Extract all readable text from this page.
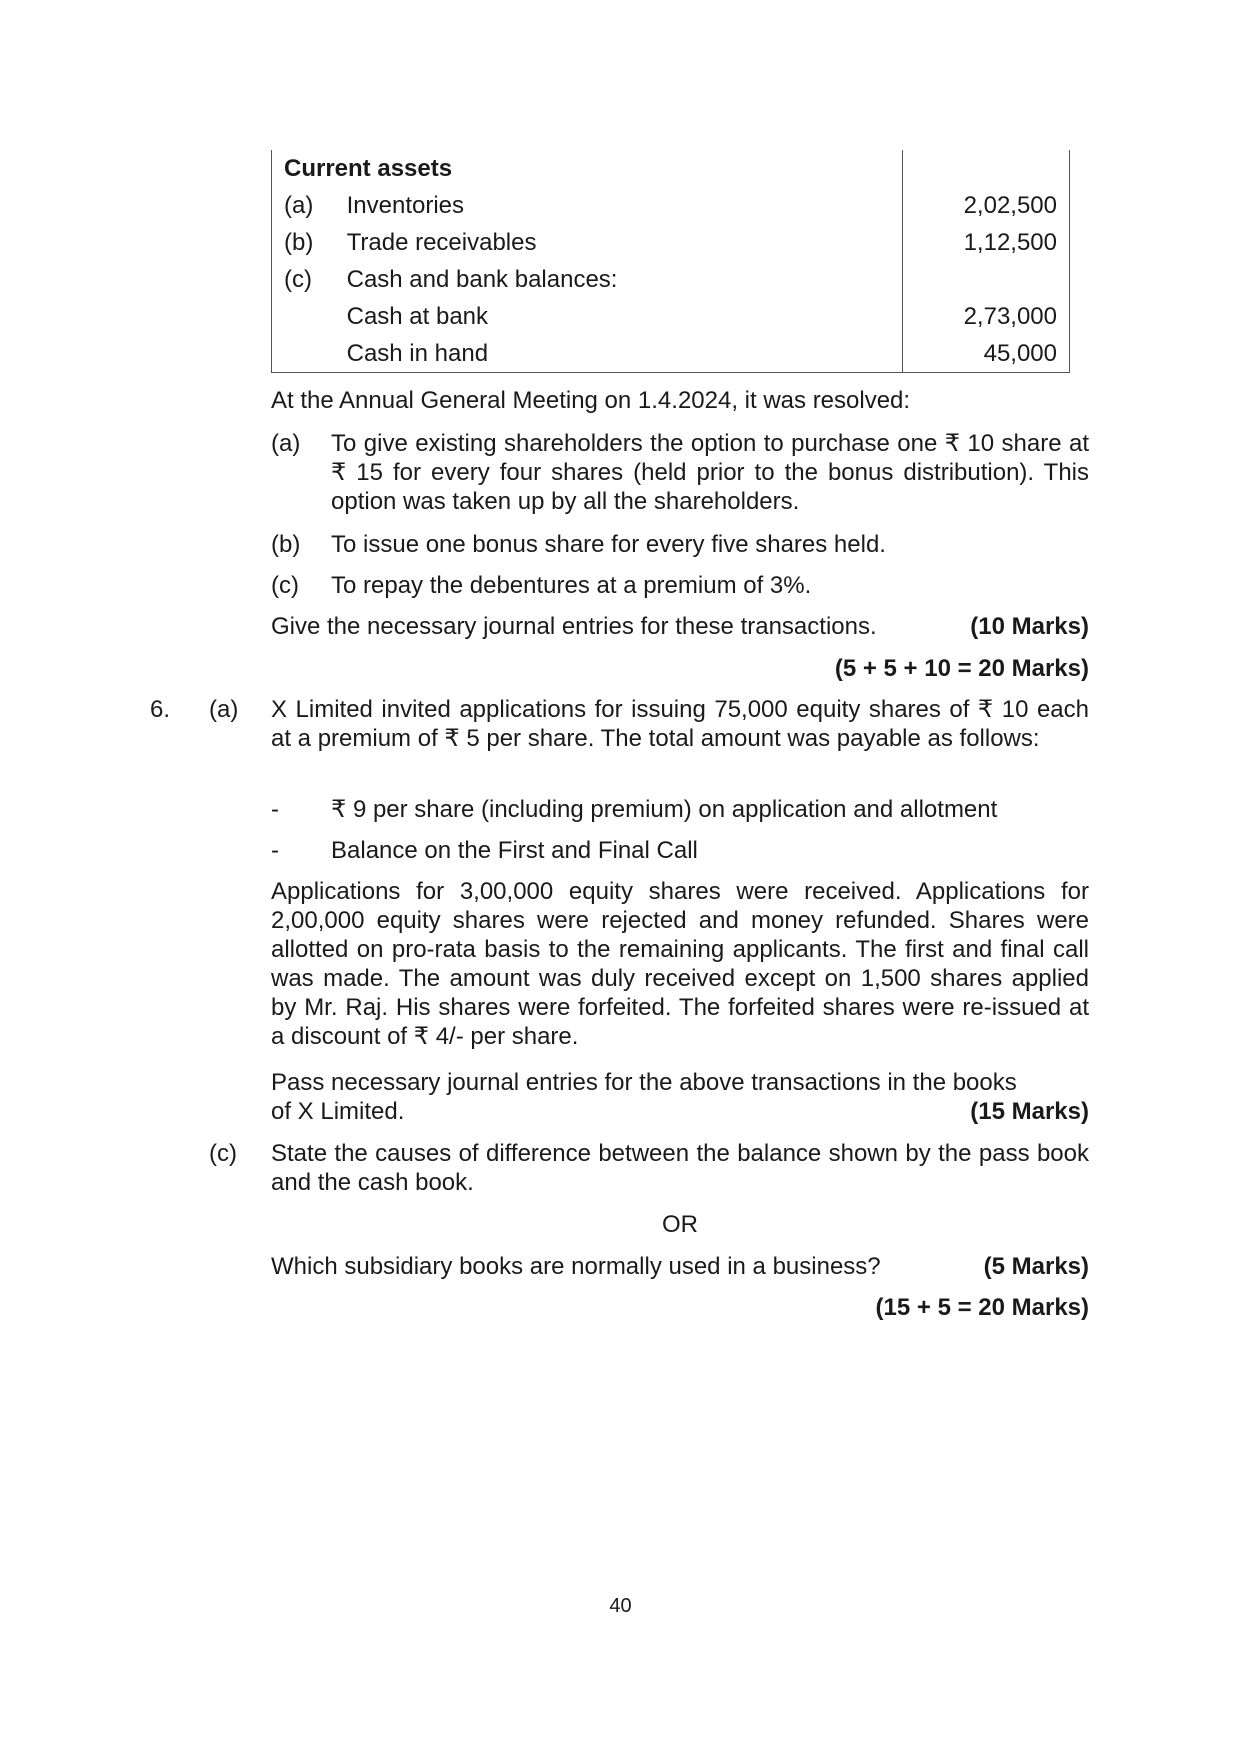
Current assets		
(a)	Inventories	2,02,500
(b)	Trade receivables	1,12,500
(c)	Cash and bank balances:	
	Cash at bank	2,73,000
	Cash in hand	45,000
At the Annual General Meeting on 1.4.2024, it was resolved:
(a) To give existing shareholders the option to purchase one ₹ 10 share at ₹ 15 for every four shares (held prior to the bonus distribution). This option was taken up by all the shareholders.
(b) To issue one bonus share for every five shares held.
(c) To repay the debentures at a premium of 3%.
Give the necessary journal entries for these transactions.	(10 Marks)
(5 + 5 + 10 = 20 Marks)
6. (a) X Limited invited applications for issuing 75,000 equity shares of ₹ 10 each at a premium of ₹ 5 per share. The total amount was payable as follows:
- ₹ 9 per share (including premium) on application and allotment
- Balance on the First and Final Call
Applications for 3,00,000 equity shares were received. Applications for 2,00,000 equity shares were rejected and money refunded. Shares were allotted on pro-rata basis to the remaining applicants. The first and final call was made. The amount was duly received except on 1,500 shares applied by Mr. Raj. His shares were forfeited. The forfeited shares were re-issued at a discount of ₹ 4/- per share.
Pass necessary journal entries for the above transactions in the books
of X Limited.	(15 Marks)
(c) State the causes of difference between the balance shown by the pass book and the cash book.
OR
Which subsidiary books are normally used in a business?	(5 Marks)
(15 + 5 = 20 Marks)
40
